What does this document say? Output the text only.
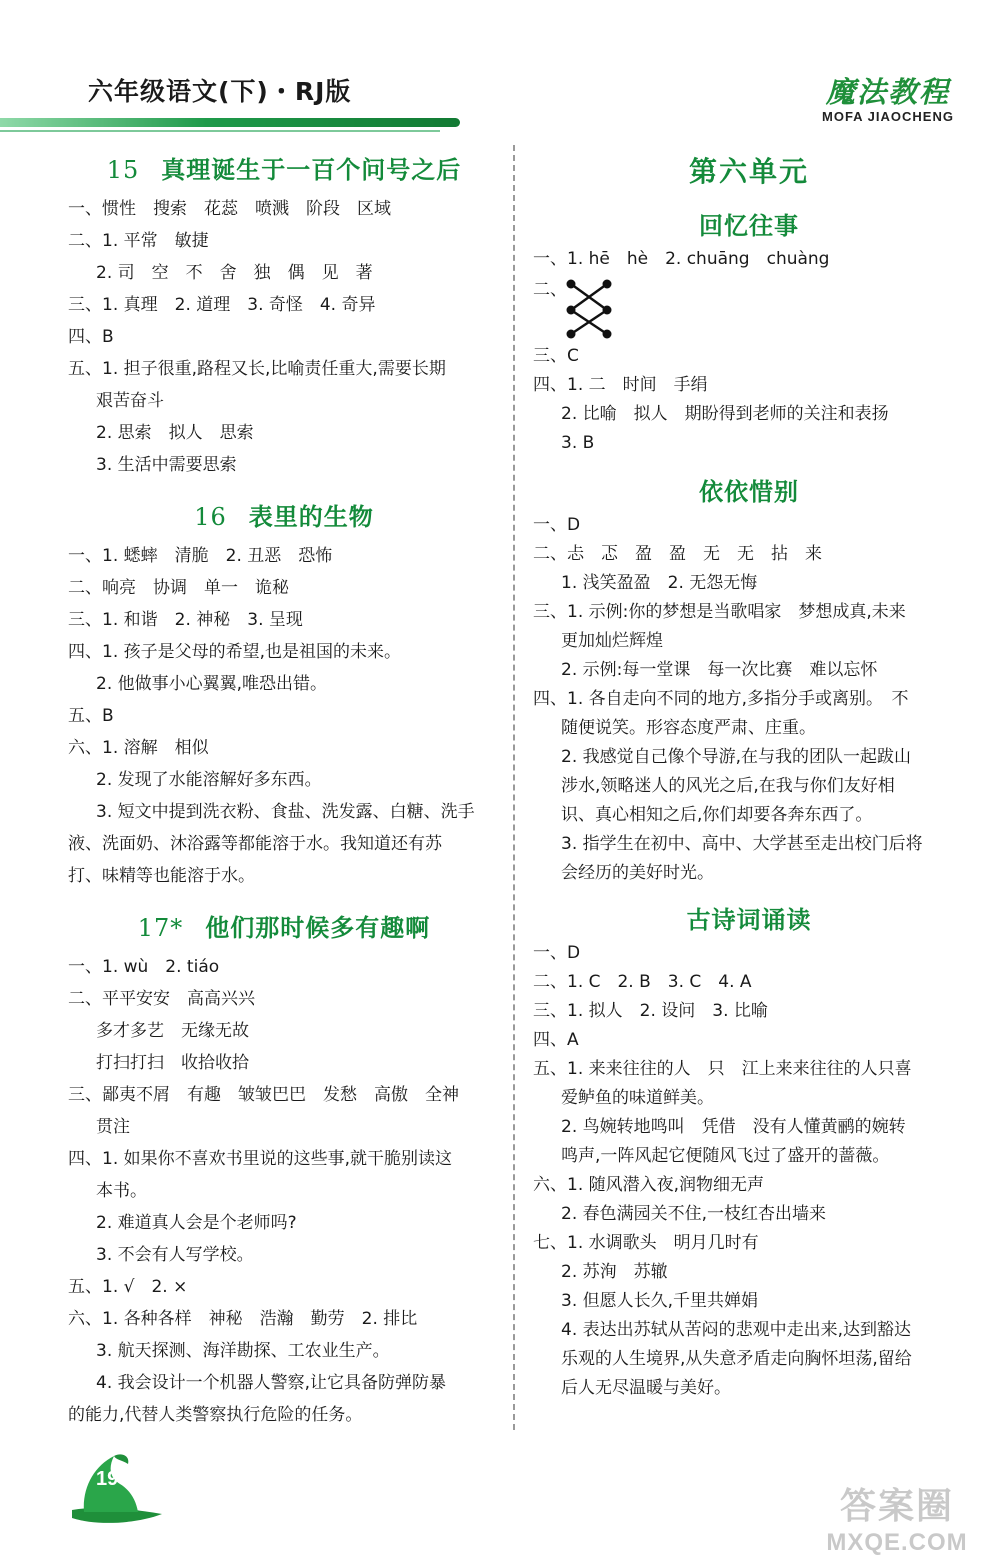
六年级语文(下)・RJ版	魔法教程
MOFA JIAOCHENG
15 真理诞生于一百个问号之后
一、惯性　搜索　花蕊　喷溅　阶段　区域
二、1. 平常　敏捷
2. 司　空　不　舍　独　偶　见　著
三、1. 真理　2. 道理　3. 奇怪　4. 奇异
四、B
五、1. 担子很重,路程又长,比喻责任重大,需要长期
艰苦奋斗
2. 思索　拟人　思索
3. 生活中需要思索
16 表里的生物
一、1. 蟋蟀　清脆　2. 丑恶　恐怖
二、响亮　协调　单一　诡秘
三、1. 和谐　2. 神秘　3. 呈现
四、1. 孩子是父母的希望,也是祖国的未来。
2. 他做事小心翼翼,唯恐出错。
五、B
六、1. 溶解　相似
2. 发现了水能溶解好多东西。
3. 短文中提到洗衣粉、食盐、洗发露、白糖、洗手
液、洗面奶、沐浴露等都能溶于水。我知道还有苏
打、味精等也能溶于水。
17* 他们那时候多有趣啊
一、1. wù　2. tiáo
二、平平安安　高高兴兴
多才多艺　无缘无故
打扫打扫　收拾收拾
三、鄙夷不屑　有趣　皱皱巴巴　发愁　高傲　全神
贯注
四、1. 如果你不喜欢书里说的这些事,就干脆别读这
本书。
2. 难道真人会是个老师吗?
3. 不会有人写学校。
五、1. √　2. ×
六、1. 各种各样　神秘　浩瀚　勤劳　2. 排比
3. 航天探测、海洋勘探、工农业生产。
4. 我会设计一个机器人警察,让它具备防弹防暴
的能力,代替人类警察执行危险的任务。
第六单元
回忆往事
一、1. hē　hè　2. chuāng　chuàng
二、
三、C
四、1. 二　时间　手绢
2. 比喻　拟人　期盼得到老师的关注和表扬
3. B
依依惜别
一、D
二、忐　忑　盈　盈　无　无　拈　来
1. 浅笑盈盈　2. 无怨无悔
三、1. 示例:你的梦想是当歌唱家　梦想成真,未来
更加灿烂辉煌
2. 示例:每一堂课　每一次比赛　难以忘怀
四、1. 各自走向不同的地方,多指分手或离别。　不
随便说笑。形容态度严肃、庄重。
2. 我感觉自己像个导游,在与我的团队一起跋山
涉水,领略迷人的风光之后,在我与你们友好相
识、真心相知之后,你们却要各奔东西了。
3. 指学生在初中、高中、大学甚至走出校门后将
会经历的美好时光。
古诗词诵读
一、D
二、1. C　2. B　3. C　4. A
三、1. 拟人　2. 设问　3. 比喻
四、A
五、1. 来来往往的人　只　江上来来往往的人只喜
爱鲈鱼的味道鲜美。
2. 鸟婉转地鸣叫　凭借　没有人懂黄鹂的婉转
鸣声,一阵风起它便随风飞过了盛开的蔷薇。
六、1. 随风潜入夜,润物细无声
2. 春色满园关不住,一枝红杏出墙来
七、1. 水调歌头　明月几时有
2. 苏洵　苏辙
3. 但愿人长久,千里共婵娟
4. 表达出苏轼从苦闷的悲观中走出来,达到豁达
乐观的人生境界,从失意矛盾走向胸怀坦荡,留给
后人无尽温暖与美好。
198
答案圈
MXQE.COM
